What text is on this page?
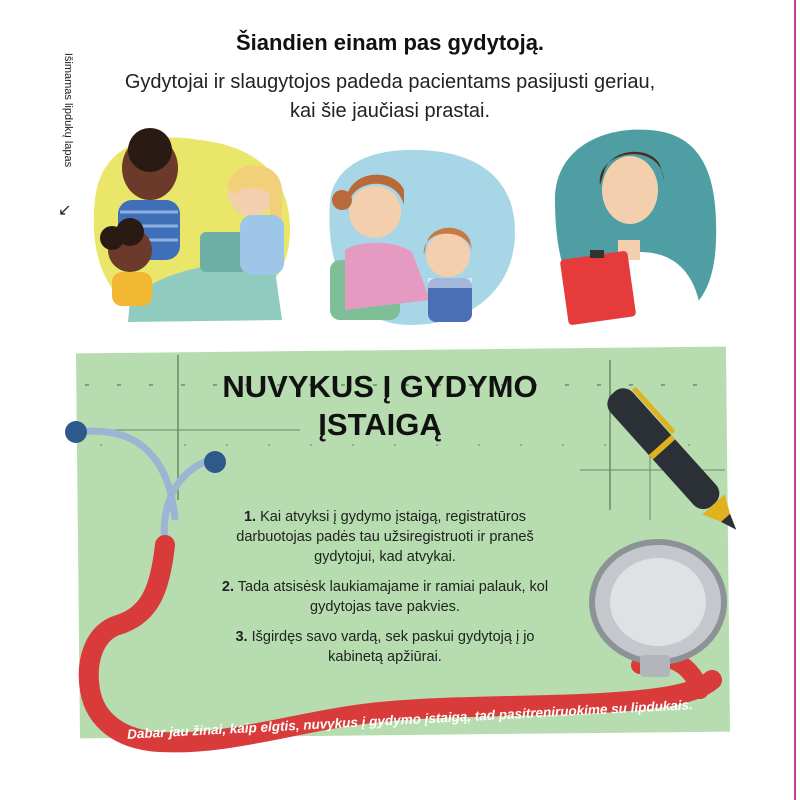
Išimamas lipdukų lapas
↙
Šiandien einam pas gydytoją.
Gydytojai ir slaugytojos padeda pacientams pasijusti geriau, kai šie jaučiasi prastai.
NUVYKUS Į GYDYMO ĮSTAIGĄ

1. Kai atvyksi į gydymo įstaigą, registratūros darbuotojas padės tau užsiregistruoti ir praneš gydytojui, kad atvykai.

2. Tada atsisėsk laukiamajame ir ramiai palauk, kol gydytojas tave pakvies.

3. Išgirdęs savo vardą, sek paskui gydytoją į jo kabinetą apžiūrai.

Dabar jau žinai, kaip elgtis, nuvykus į gydymo įstaigą, tad pasitreniruokime su lipdukais.
